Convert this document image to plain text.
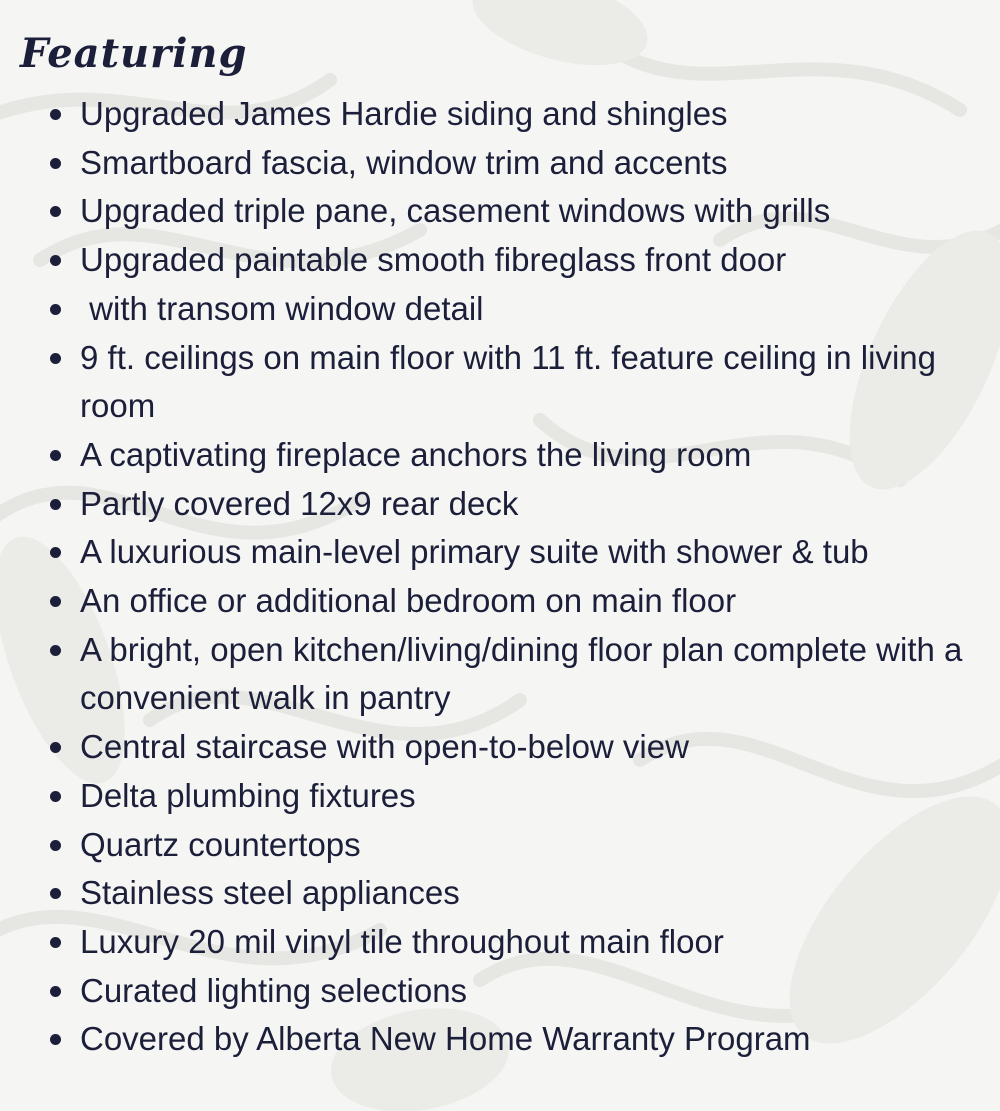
Featuring
Upgraded James Hardie siding and shingles
Smartboard fascia, window trim and accents
Upgraded triple pane, casement windows with grills
Upgraded paintable smooth fibreglass front door
with transom window detail
9 ft. ceilings on main floor with 11 ft. feature ceiling in living room
A captivating fireplace anchors the living room
Partly covered 12x9 rear deck
A luxurious main-level primary suite with shower & tub
An office or additional bedroom on main floor
A bright, open kitchen/living/dining floor plan complete with a convenient walk in pantry
Central staircase with open-to-below view
Delta plumbing fixtures
Quartz countertops
Stainless steel appliances
Luxury 20 mil vinyl tile throughout main floor
Curated lighting selections
Covered by Alberta New Home Warranty Program
